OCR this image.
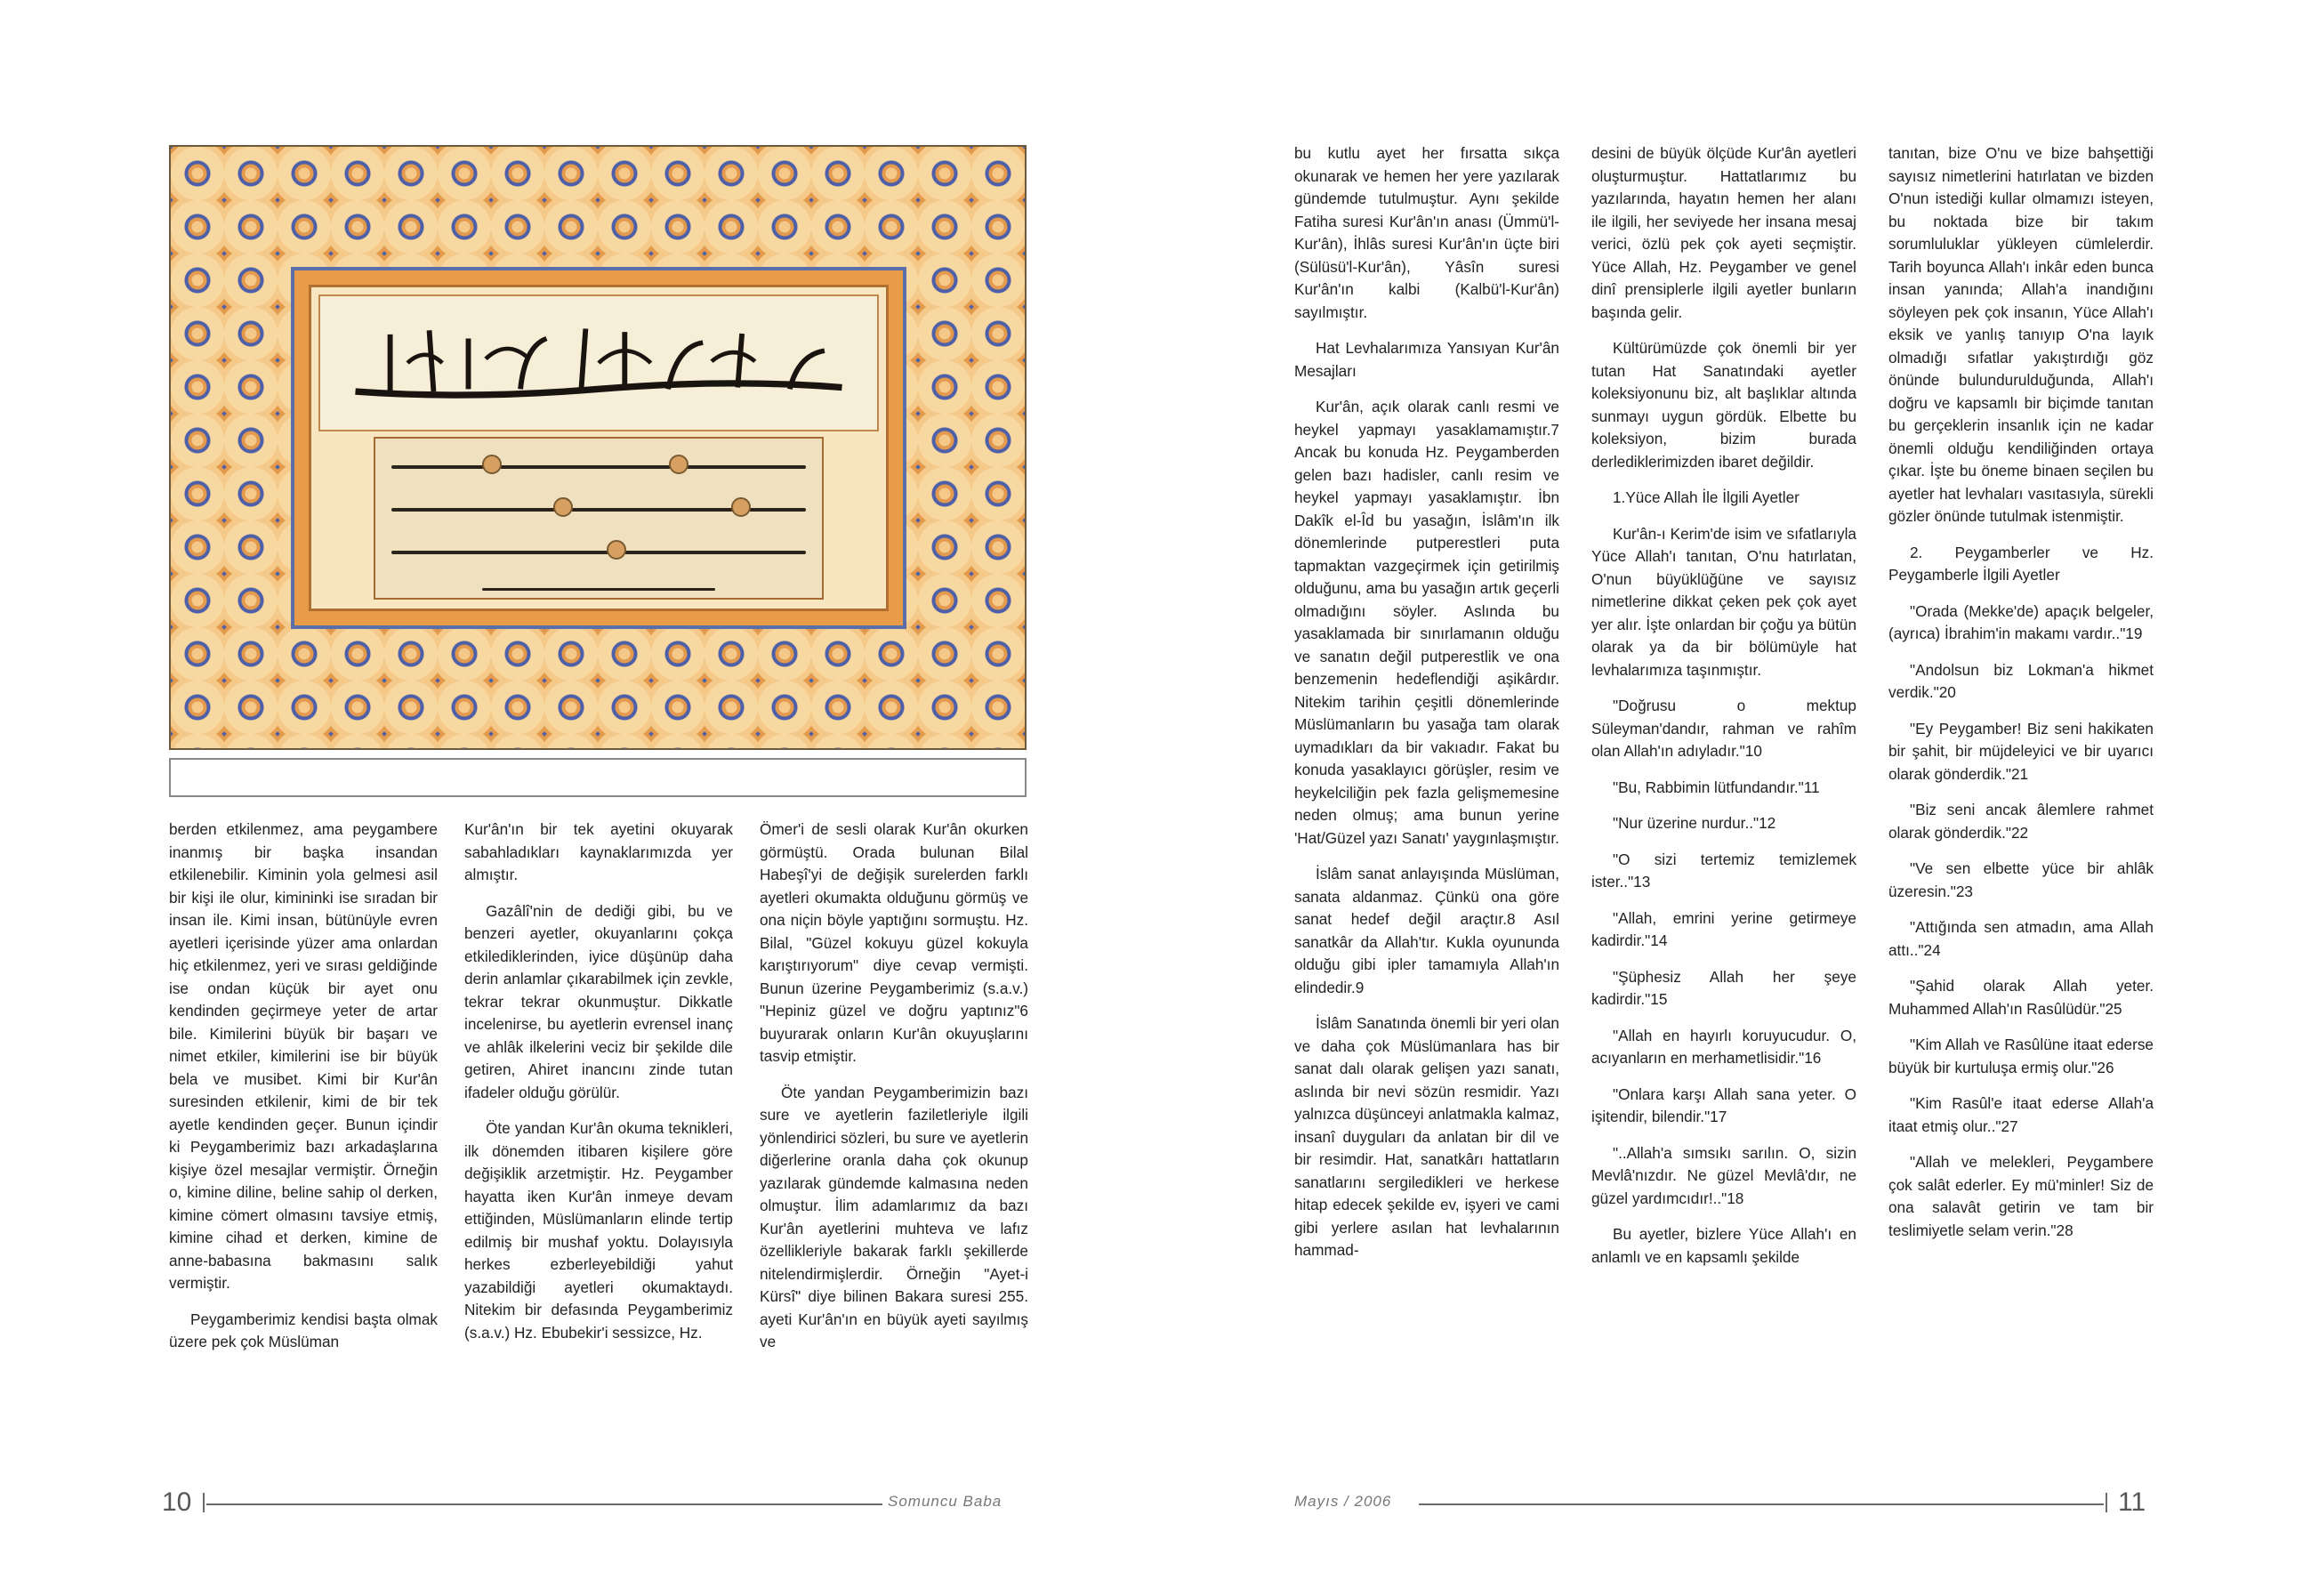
berden etkilenmez, ama peygambere inanmış bir başka insandan etkilenebilir. Kiminin yola gelmesi asil bir kişi ile olur, kimininki ise sıradan bir insan ile. Kimi insan, bütünüyle evren ayetleri içerisinde yüzer ama onlardan hiç etkilenmez, yeri ve sırası geldiğinde ise ondan küçük bir ayet onu kendinden geçirmeye yeter de artar bile. Kimilerini büyük bir başarı ve nimet etkiler, kimilerini ise bir büyük bela ve musibet. Kimi bir Kur'ân suresinden etkilenir, kimi de bir tek ayetle kendinden geçer. Bunun içindir ki Peygamberimiz bazı arkadaşlarına kişiye özel mesajlar vermiştir. Örneğin o, kimine diline, beline sahip ol derken, kimine cömert olmasını tavsiye etmiş, kimine cihad et derken, kimine de anne-babasına bakmasını salık vermiştir.

Peygamberimiz kendisi başta olmak üzere pek çok Müslüman

Kur'ân'ın bir tek ayetini okuyarak sabahladıkları kaynaklarımızda yer almıştır.

Gazâlî'nin de dediği gibi, bu ve benzeri ayetler, okuyanlarını çokça etkilediklerinden, iyice düşünüp daha derin anlamlar çıkarabilmek için zevkle, tekrar tekrar okunmuştur. Dikkatle incelenirse, bu ayetlerin evrensel inanç ve ahlâk ilkelerini veciz bir şekilde dile getiren, Ahiret inancını zinde tutan ifadeler olduğu görülür.

Öte yandan Kur'ân okuma teknikleri, ilk dönemden itibaren kişilere göre değişiklik arzetmiştir. Hz. Peygamber hayatta iken Kur'ân inmeye devam ettiğinden, Müslümanların elinde tertip edilmiş bir mushaf yoktu. Dolayısıyla herkes ezberleyebildiği yahut yazabildiği ayetleri okumaktaydı. Nitekim bir defasında Peygamberimiz (s.a.v.) Hz. Ebubekir'i sessizce, Hz.

Ömer'i de sesli olarak Kur'ân okurken görmüştü. Orada bulunan Bilal Habeşî'yi de değişik surelerden farklı ayetleri okumakta olduğunu görmüş ve ona niçin böyle yaptığını sormuştu. Hz. Bilal, "Güzel kokuyu güzel kokuyla karıştırıyorum" diye cevap vermişti. Bunun üzerine Peygamberimiz (s.a.v.) "Hepiniz güzel ve doğru yaptınız"6 buyurarak onların Kur'ân okuyuşlarını tasvip etmiştir.

Öte yandan Peygamberimizin bazı sure ve ayetlerin faziletleriyle ilgili yönlendirici sözleri, bu sure ve ayetlerin diğerlerine oranla daha çok okunup yazılarak gündemde kalmasına neden olmuştur. İlim adamlarımız da bazı Kur'ân ayetlerini muhteva ve lafız özellikleriyle bakarak farklı şekillerde nitelendirmişlerdir. Örneğin "Ayet-i Kürsî" diye bilinen Bakara suresi 255. ayeti Kur'ân'ın en büyük ayeti sayılmış ve

10	Somuncu Baba

bu kutlu ayet her fırsatta sıkça okunarak ve hemen her yere yazılarak gündemde tutulmuştur. Aynı şekilde Fatiha suresi Kur'ân'ın anası (Ümmü'l-Kur'ân), İhlâs suresi Kur'ân'ın üçte biri (Sülüsü'l-Kur'ân), Yâsîn suresi Kur'ân'ın kalbi (Kalbü'l-Kur'ân) sayılmıştır.

Hat Levhalarımıza Yansıyan Kur'ân Mesajları

Kur'ân, açık olarak canlı resmi ve heykel yapmayı yasaklamamıştır.7 Ancak bu konuda Hz. Peygamberden gelen bazı hadisler, canlı resim ve heykel yapmayı yasaklamıştır. İbn Dakîk el-Îd bu yasağın, İslâm'ın ilk dönemlerinde putperestleri puta tapmaktan vazgeçirmek için getirilmiş olduğunu, ama bu yasağın artık geçerli olmadığını söyler. Aslında bu yasaklamada bir sınırlamanın olduğu ve sanatın değil putperestlik ve ona benzemenin hedeflendiği aşikârdır. Nitekim tarihin çeşitli dönemlerinde Müslümanların bu yasağa tam olarak uymadıkları da bir vakıadır. Fakat bu konuda yasaklayıcı görüşler, resim ve heykelciliğin pek fazla gelişmemesine neden olmuş; ama bunun yerine 'Hat/Güzel yazı Sanatı' yaygınlaşmıştır.

İslâm sanat anlayışında Müslüman, sanata aldanmaz. Çünkü ona göre sanat hedef değil araçtır.8 Asıl sanatkâr da Allah'tır. Kukla oyununda olduğu gibi ipler tamamıyla Allah'ın elindedir.9

İslâm Sanatında önemli bir yeri olan ve daha çok Müslümanlara has bir sanat dalı olarak gelişen yazı sanatı, aslında bir nevi sözün resmidir. Yazı yalnızca düşünceyi anlatmakla kalmaz, insanî duyguları da anlatan bir dil ve bir resimdir. Hat, sanatkârı hattatların sanatlarını sergiledikleri ve herkese hitap edecek şekilde ev, işyeri ve cami gibi yerlere asılan hat levhalarının hammad-

desini de büyük ölçüde Kur'ân ayetleri oluşturmuştur. Hattatlarımız bu yazılarında, hayatın hemen her alanı ile ilgili, her seviyede her insana mesaj verici, özlü pek çok ayeti seçmiştir. Yüce Allah, Hz. Peygamber ve genel dinî prensiplerle ilgili ayetler bunların başında gelir.

Kültürümüzde çok önemli bir yer tutan Hat Sanatındaki ayetler koleksiyonunu biz, alt başlıklar altında sunmayı uygun gördük. Elbette bu koleksiyon, bizim burada derlediklerimizden ibaret değildir.

1.Yüce Allah İle İlgili Ayetler

Kur'ân-ı Kerim'de isim ve sıfatlarıyla Yüce Allah'ı tanıtan, O'nu hatırlatan, O'nun büyüklüğüne ve sayısız nimetlerine dikkat çeken pek çok ayet yer alır. İşte onlardan bir çoğu ya bütün olarak ya da bir bölümüyle hat levhalarımıza taşınmıştır.

"Doğrusu o mektup Süleyman'dandır, rahman ve rahîm olan Allah'ın adıyladır."10

"Bu, Rabbimin lütfundandır."11

"Nur üzerine nurdur.."12

"O sizi tertemiz temizlemek ister.."13

"Allah, emrini yerine getirmeye kadirdir."14

"Şüphesiz Allah her şeye kadirdir."15

"Allah en hayırlı koruyucudur. O, acıyanların en merhametlisidir."16

"Onlara karşı Allah sana yeter. O işitendir, bilendir."17

"..Allah'a sımsıkı sarılın. O, sizin Mevlâ'nızdır. Ne güzel Mevlâ'dır, ne güzel yardımcıdır!.."18

Bu ayetler, bizlere Yüce Allah'ı en anlamlı ve en kapsamlı şekilde

tanıtan, bize O'nu ve bize bahşettiği sayısız nimetlerini hatırlatan ve bizden O'nun istediği kullar olmamızı isteyen, bu noktada bize bir takım sorumluluklar yükleyen cümlelerdir. Tarih boyunca Allah'ı inkâr eden bunca insan yanında; Allah'a inandığını söyleyen pek çok insanın, Yüce Allah'ı eksik ve yanlış tanıyıp O'na layık olmadığı sıfatlar yakıştırdığı göz önünde bulundurulduğunda, Allah'ı doğru ve kapsamlı bir biçimde tanıtan bu gerçeklerin insanlık için ne kadar önemli olduğu kendiliğinden ortaya çıkar. İşte bu öneme binaen seçilen bu ayetler hat levhaları vasıtasıyla, sürekli gözler önünde tutulmak istenmiştir.

2. Peygamberler ve Hz. Peygamberle İlgili Ayetler

"Orada (Mekke'de) apaçık belgeler, (ayrıca) İbrahim'in makamı vardır.."19

"Andolsun biz Lokman'a hikmet verdik."20

"Ey Peygamber! Biz seni hakikaten bir şahit, bir müjdeleyici ve bir uyarıcı olarak gönderdik."21

"Biz seni ancak âlemlere rahmet olarak gönderdik."22

"Ve sen elbette yüce bir ahlâk üzeresin."23

"Attığında sen atmadın, ama Allah attı.."24

"Şahid olarak Allah yeter. Muhammed Allah'ın Rasûlüdür."25

"Kim Allah ve Rasûlüne itaat ederse büyük bir kurtuluşa ermiş olur."26

"Kim Rasûl'e itaat ederse Allah'a itaat etmiş olur.."27

"Allah ve melekleri, Peygambere çok salât ederler. Ey mü'minler! Siz de ona salavât getirin ve tam bir teslimiyetle selam verin."28

Mayıs / 2006	11
